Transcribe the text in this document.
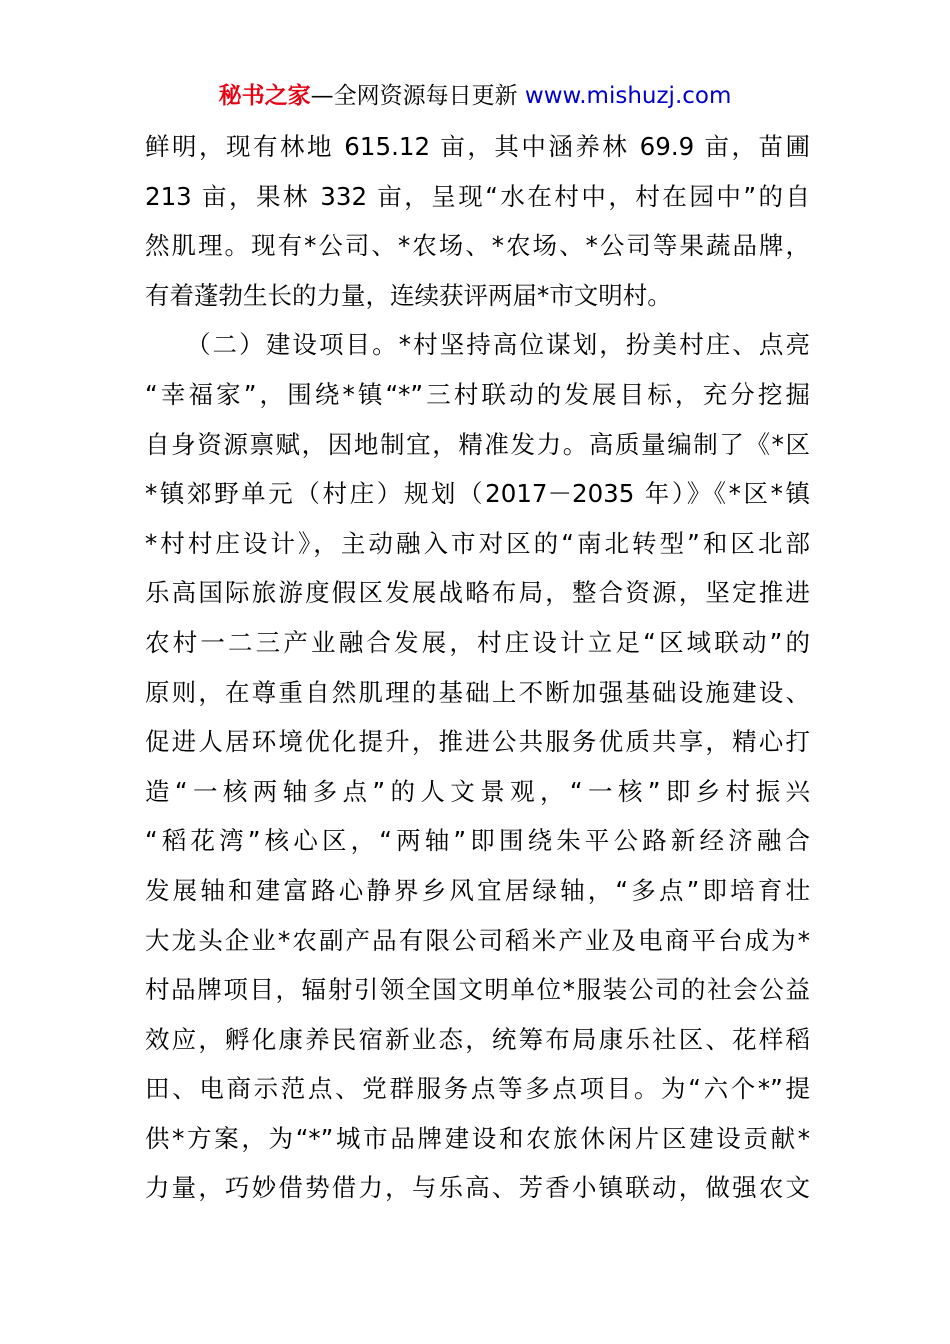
秘书之家—全网资源每日更新 www.mishuzj.com
鲜明，现有林地 615.12 亩，其中涵养林 69.9 亩，苗圃
213 亩，果林 332 亩，呈现“水在村中，村在园中”的自
然肌理。现有*公司、*农场、*农场、*公司等果蔬品牌，
有着蓬勃生长的力量，连续获评两届*市文明村。
　　（二）建设项目。*村坚持高位谋划，扮美村庄、点亮
“幸福家”，围绕*镇“*”三村联动的发展目标，充分挖掘
自身资源禀赋，因地制宜，精准发力。高质量编制了《*区
*镇郊野单元（村庄）规划（2017－2035 年）》《*区*镇
*村村庄设计》，主动融入市对区的“南北转型”和区北部
乐高国际旅游度假区发展战略布局，整合资源，坚定推进
农村一二三产业融合发展，村庄设计立足“区域联动”的
原则，在尊重自然肌理的基础上不断加强基础设施建设、
促进人居环境优化提升，推进公共服务优质共享，精心打
造“一核两轴多点”的人文景观，“一核”即乡村振兴
“稻花湾”核心区，“两轴”即围绕朱平公路新经济融合
发展轴和建富路心静界乡风宜居绿轴，“多点”即培育壮
大龙头企业*农副产品有限公司稻米产业及电商平台成为*
村品牌项目，辐射引领全国文明单位*服装公司的社会公益
效应，孵化康养民宿新业态，统筹布局康乐社区、花样稻
田、电商示范点、党群服务点等多点项目。为“六个*”提
供*方案，为“*”城市品牌建设和农旅休闲片区建设贡献*
力量，巧妙借势借力，与乐高、芳香小镇联动，做强农文
